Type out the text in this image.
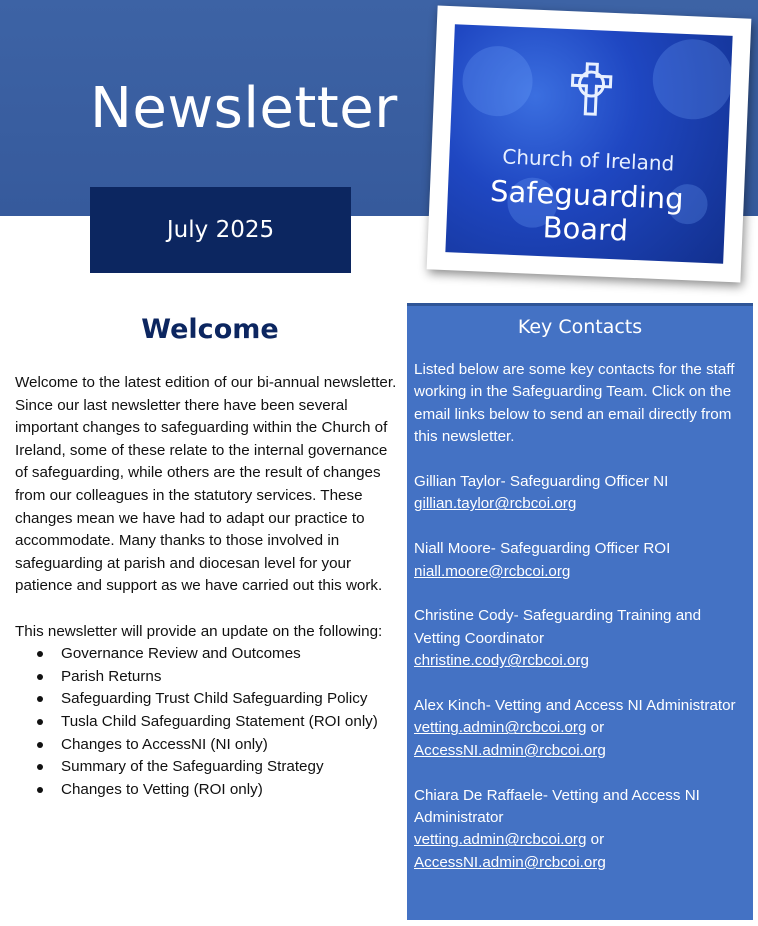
Newsletter
July 2025
Church of Ireland
Safeguarding Board
Welcome

Welcome to the latest edition of our bi-annual newsletter. Since our last newsletter there have been several important changes to safeguarding within the Church of Ireland, some of these relate to the internal governance of safeguarding, while others are the result of changes from our colleagues in the statutory services. These changes mean we have had to adapt our practice to accommodate. Many thanks to those involved in safeguarding at parish and diocesan level for your patience and support as we have carried out this work.

This newsletter will provide an update on the following:
Governance Review and Outcomes
Parish Returns
Safeguarding Trust Child Safeguarding Policy
Tusla Child Safeguarding Statement (ROI only)
Changes to AccessNI (NI only)
Summary of the Safeguarding Strategy
Changes to Vetting (ROI only)
Key Contacts
Listed below are some key contacts for the staff working in the Safeguarding Team. Click on the email links below to send an email directly from this newsletter.
Gillian Taylor- Safeguarding Officer NI
gillian.taylor@rcbcoi.org
Niall Moore- Safeguarding Officer ROI
niall.moore@rcbcoi.org
Christine Cody- Safeguarding Training and Vetting Coordinator
christine.cody@rcbcoi.org
Alex Kinch- Vetting and Access NI Administrator
vetting.admin@rcbcoi.org or
AccessNI.admin@rcbcoi.org
Chiara De Raffaele- Vetting and Access NI Administrator
vetting.admin@rcbcoi.org or
AccessNI.admin@rcbcoi.org
